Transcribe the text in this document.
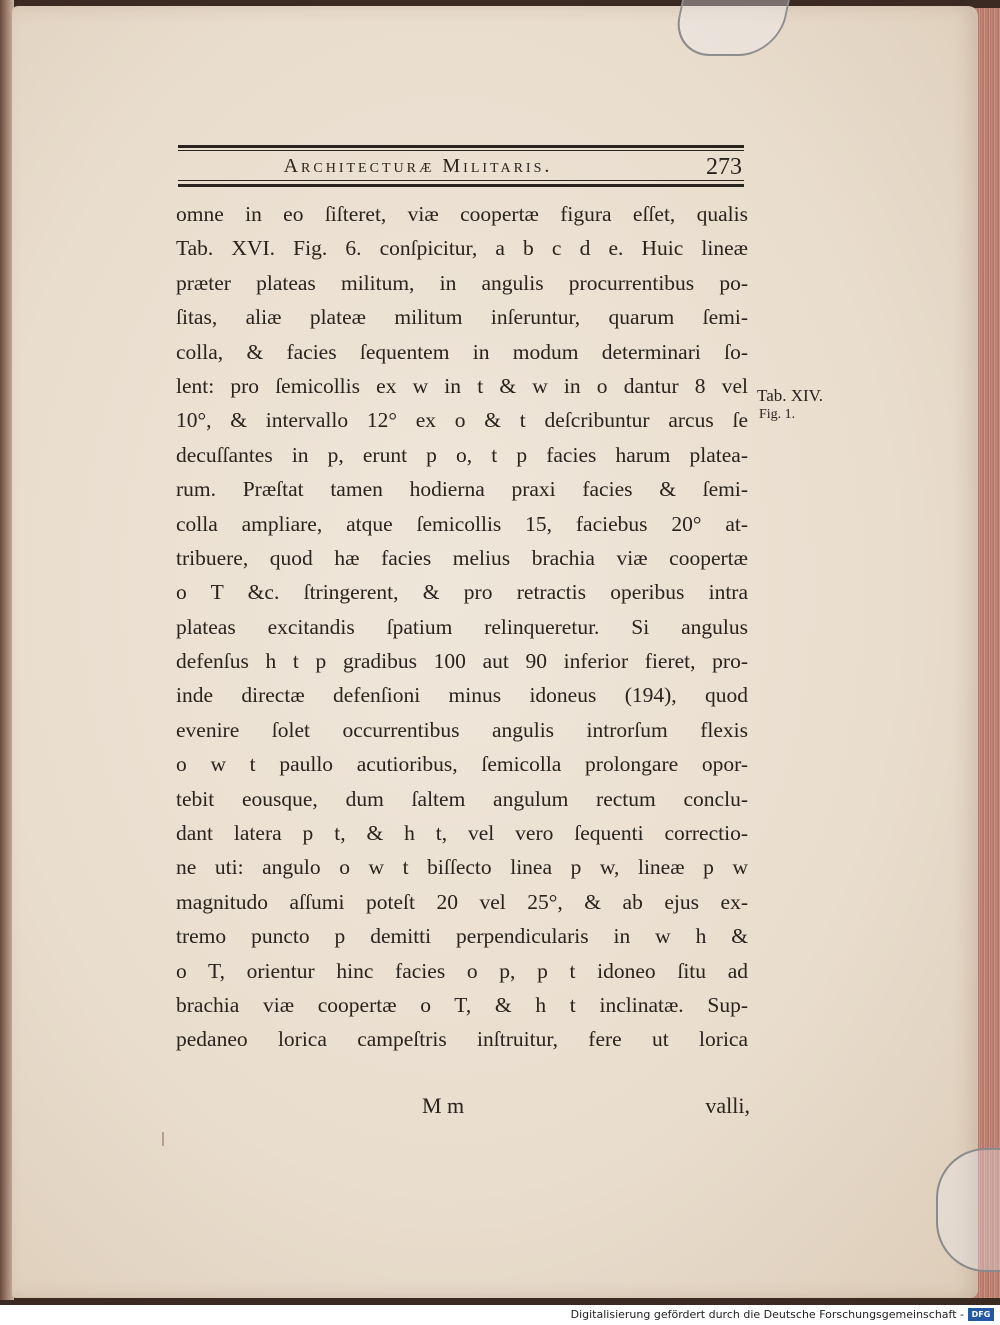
Architecturæ Militaris.	273
omne in eo ſiſteret, viæ coopertæ figura eſſet, qualis
Tab. XVI. Fig. 6. conſpicitur, a b c d e. Huic lineæ
præter plateas militum, in angulis procurrentibus po-
ſitas, aliæ plateæ militum inſeruntur, quarum ſemi-
colla, & facies ſequentem in modum determinari ſo-
lent: pro ſemicollis ex w in t & w in o dantur 8 vel
10°, & intervallo 12° ex o & t deſcribuntur arcus ſe
decuſſantes in p, erunt p o, t p facies harum platea-
rum. Præſtat tamen hodierna praxi facies & ſemi-
colla ampliare, atque ſemicollis 15, faciebus 20° at-
tribuere, quod hæ facies melius brachia viæ coopertæ
o T &c. ſtringerent, & pro retractis operibus intra
plateas excitandis ſpatium relinqueretur. Si angulus
defenſus h t p gradibus 100 aut 90 inferior fieret, pro-
inde directæ defenſioni minus idoneus (194), quod
evenire ſolet occurrentibus angulis introrſum flexis
o w t paullo acutioribus, ſemicolla prolongare opor-
tebit eousque, dum ſaltem angulum rectum conclu-
dant latera p t, & h t, vel vero ſequenti correctio-
ne uti: angulo o w t biſſecto linea p w, lineæ p w
magnitudo aſſumi poteſt 20 vel 25°, & ab ejus ex-
tremo puncto p demitti perpendicularis in w h &
o T, orientur hinc facies o p, p t idoneo ſitu ad
brachia viæ coopertæ o T, & h t inclinatæ. Sup-
pedaneo lorica campeſtris inſtruitur, fere ut lorica
Tab. XIV.
Fig. 1.
M m	valli,
Digitalisierung gefördert durch die Deutsche Forschungsgemeinschaft - DFG
